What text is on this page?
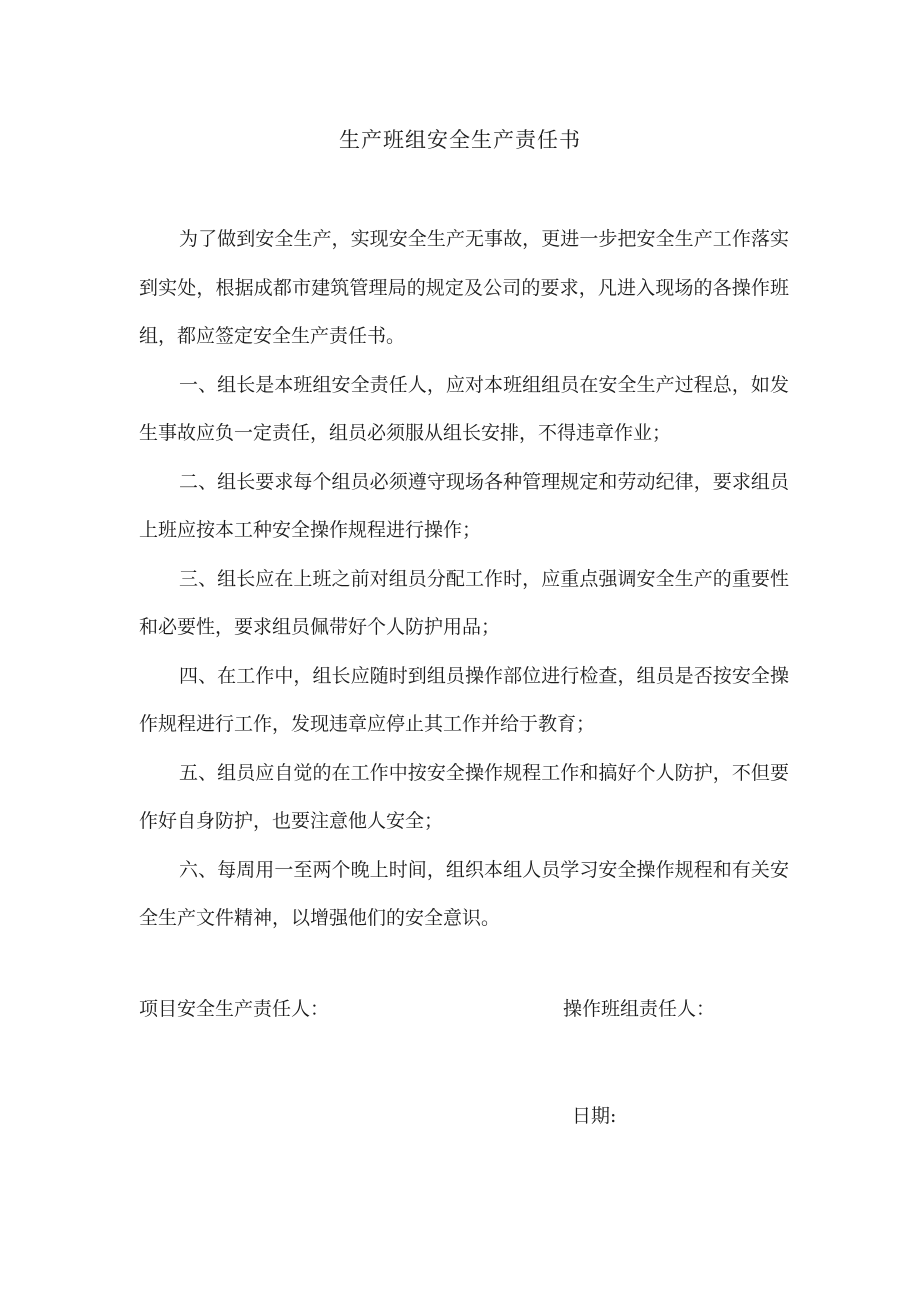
生产班组安全生产责任书

为了做到安全生产，实现安全生产无事故，更进一步把安全生产工作落实到实处，根据成都市建筑管理局的规定及公司的要求，凡进入现场的各操作班组，都应签定安全生产责任书。

一、组长是本班组安全责任人，应对本班组组员在安全生产过程总，如发生事故应负一定责任，组员必须服从组长安排，不得违章作业；

二、组长要求每个组员必须遵守现场各种管理规定和劳动纪律，要求组员上班应按本工种安全操作规程进行操作；

三、组长应在上班之前对组员分配工作时，应重点强调安全生产的重要性和必要性，要求组员佩带好个人防护用品；

四、在工作中，组长应随时到组员操作部位进行检查，组员是否按安全操作规程进行工作，发现违章应停止其工作并给于教育；

五、组员应自觉的在工作中按安全操作规程工作和搞好个人防护，不但要作好自身防护，也要注意他人安全；

六、每周用一至两个晚上时间，组织本组人员学习安全操作规程和有关安全生产文件精神，以增强他们的安全意识。

项目安全生产责任人：	操作班组责任人：
日期:
